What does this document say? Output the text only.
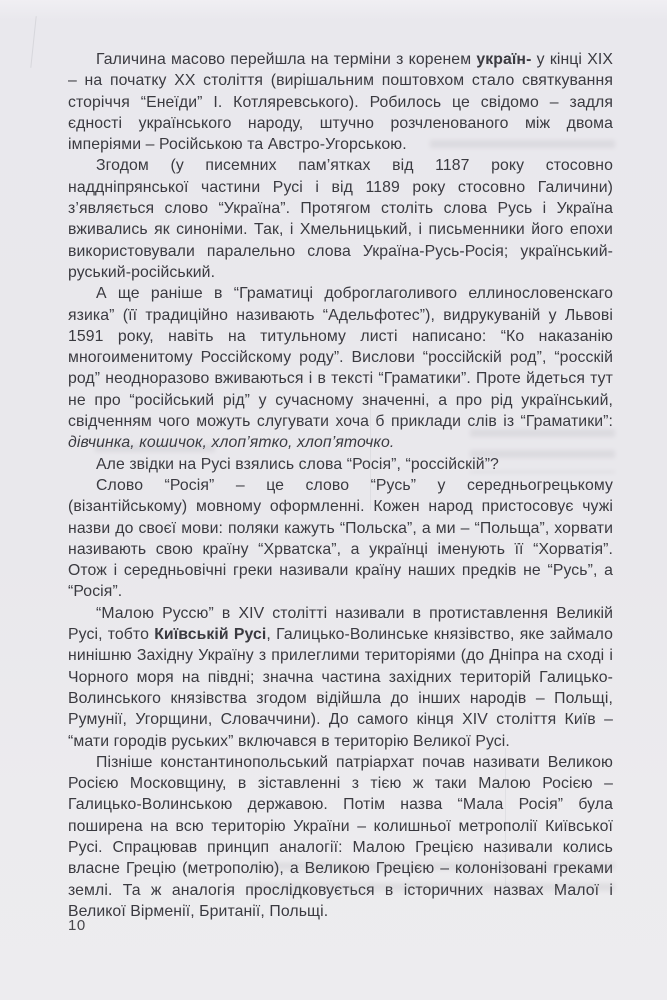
Галичина масово перейшла на терміни з коренем україн- у кінці XIX – на початку XX століття (вирішальним поштовхом стало святкування сторіччя “Енеїди” І. Котляревського). Робилось це свідомо – задля єдності українського народу, штучно розчленованого між двома імперіями – Російською та Австро-Угорською.

Згодом (у писемних пам’ятках від 1187 року стосовно наддніпрянської частини Русі і від 1189 року стосовно Галичини) з’являється слово “Україна”. Протягом століть слова Русь і Україна вживались як синоніми. Так, і Хмельницький, і письменники його епохи використовували паралельно слова Україна-Русь-Росія; український-руський-російський.

А ще раніше в “Граматиці доброглаголивого еллинословенскаго язика” (її традиційно називають “Адельфотес”), видрукуваній у Львові 1591 року, навіть на титульному листі написано: “Ко наказанію многоименитому Россійскому роду”. Вислови “россійскій род”, “росскій род” неодноразово вживаються і в тексті “Граматики”. Проте йдеться тут не про “російський рід” у сучасному значенні, а про рід український, свідченням чого можуть слугувати хоча б приклади слів із “Граматики”: дівчинка, кошичок, хлоп’ятко, хлоп’яточко.

Але звідки на Русі взялись слова “Росія”, “россійскій”?

Слово “Росія” – це слово “Русь” у середньогрецькому (візантійському) мовному оформленні. Кожен народ пристосовує чужі назви до своєї мови: поляки кажуть “Польска”, а ми – “Польща”, хорвати називають свою країну “Хрватска”, а українці іменують її “Хорватія”. Отож і середньовічні греки називали країну наших предків не “Русь”, а “Росія”.

“Малою Руссю” в XIV столітті називали в протиставлення Великій Русі, тобто Київській Русі, Галицько-Волинське князівство, яке займало нинішню Західну Україну з прилеглими територіями (до Дніпра на сході і Чорного моря на півдні; значна частина західних територій Галицько-Волинського князівства згодом відійшла до інших народів – Польщі, Румунії, Угорщини, Словаччини). До самого кінця XIV століття Київ – “мати городів руських” включався в територію Великої Русі.

Пізніше константинопольський патріархат почав називати Великою Росією Московщину, в зіставленні з тією ж таки Малою Росією – Галицько-Волинською державою. Потім назва “Мала Росія” була поширена на всю територію України – колишньої метрополії Київської Русі. Спрацював принцип аналогії: Малою Грецією називали колись власне Грецію (метрополію), а Великою Грецією – колонізовані греками землі. Та ж аналогія прослідковується в історичних назвах Малої і Великої Вірменії, Британії, Польщі.

10
